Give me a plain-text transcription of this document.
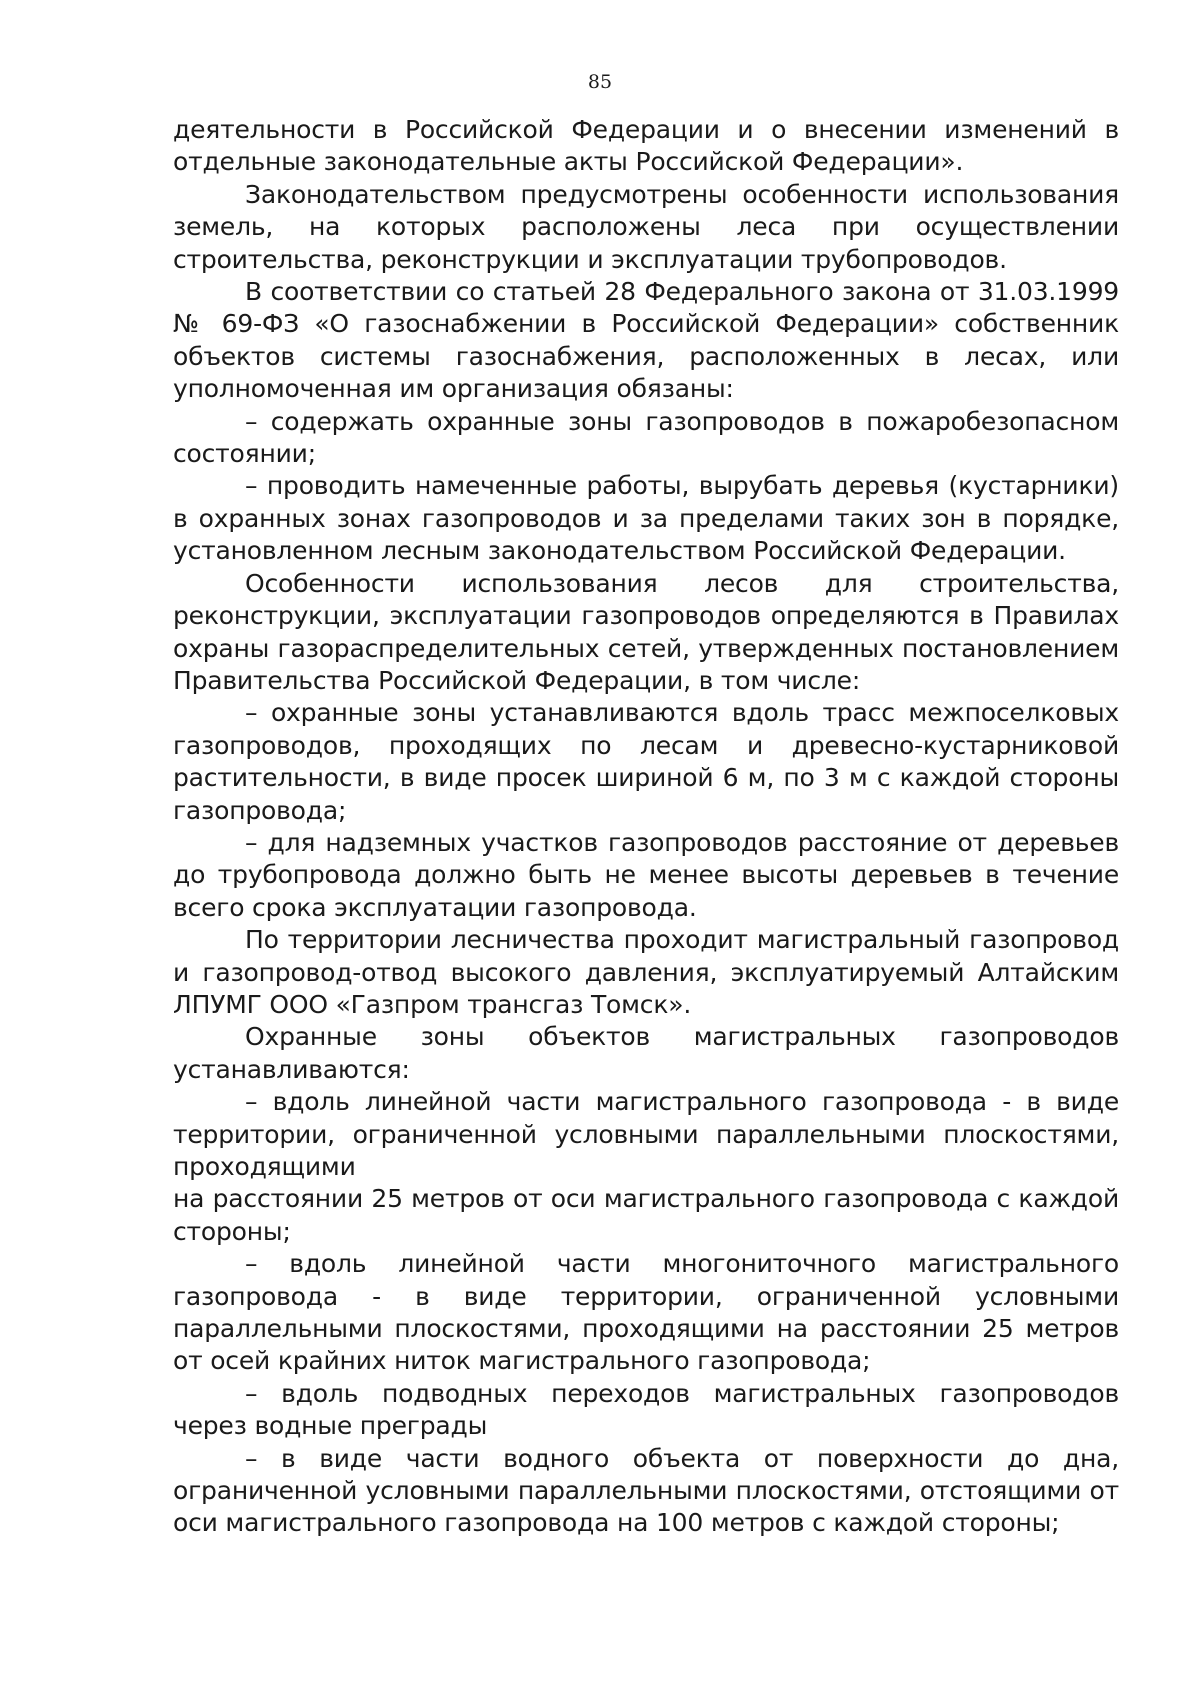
85

деятельности в Российской Федерации и о внесении изменений в отдельные законодательные акты Российской Федерации».

Законодательством предусмотрены особенности использования земель, на которых расположены леса при осуществлении строительства, реконструкции и эксплуатации трубопроводов.

В соответствии со статьей 28 Федерального закона от 31.03.1999 № 69-ФЗ «О газоснабжении в Российской Федерации» собственник объектов системы газоснабжения, расположенных в лесах, или уполномоченная им организация обязаны:

– содержать охранные зоны газопроводов в пожаробезопасном состоянии;

– проводить намеченные работы, вырубать деревья (кустарники) в охранных зонах газопроводов и за пределами таких зон в порядке, установленном лесным законодательством Российской Федерации.

Особенности использования лесов для строительства, реконструкции, эксплуатации газопроводов определяются в Правилах охраны газораспределительных сетей, утвержденных постановлением Правительства Российской Федерации, в том числе:

– охранные зоны устанавливаются вдоль трасс межпоселковых газопроводов, проходящих по лесам и древесно-кустарниковой растительности, в виде просек шириной 6 м, по 3 м с каждой стороны газопровода;

– для надземных участков газопроводов расстояние от деревьев до трубопровода должно быть не менее высоты деревьев в течение всего срока эксплуатации газопровода.

По территории лесничества проходит магистральный газопровод и газопровод-отвод высокого давления, эксплуатируемый Алтайским ЛПУМГ ООО «Газпром трансгаз Томск».

Охранные зоны объектов магистральных газопроводов устанавливаются:

– вдоль линейной части магистрального газопровода - в виде территории, ограниченной условными параллельными плоскостями, проходящими

на расстоянии 25 метров от оси магистрального газопровода с каждой стороны;

– вдоль линейной части многониточного магистрального газопровода - в виде территории, ограниченной условными параллельными плоскостями, проходящими на расстоянии 25 метров от осей крайних ниток магистрального газопровода;

– вдоль подводных переходов магистральных газопроводов через водные преграды

– в виде части водного объекта от поверхности до дна, ограниченной условными параллельными плоскостями, отстоящими от оси магистрального газопровода на 100 метров с каждой стороны;
